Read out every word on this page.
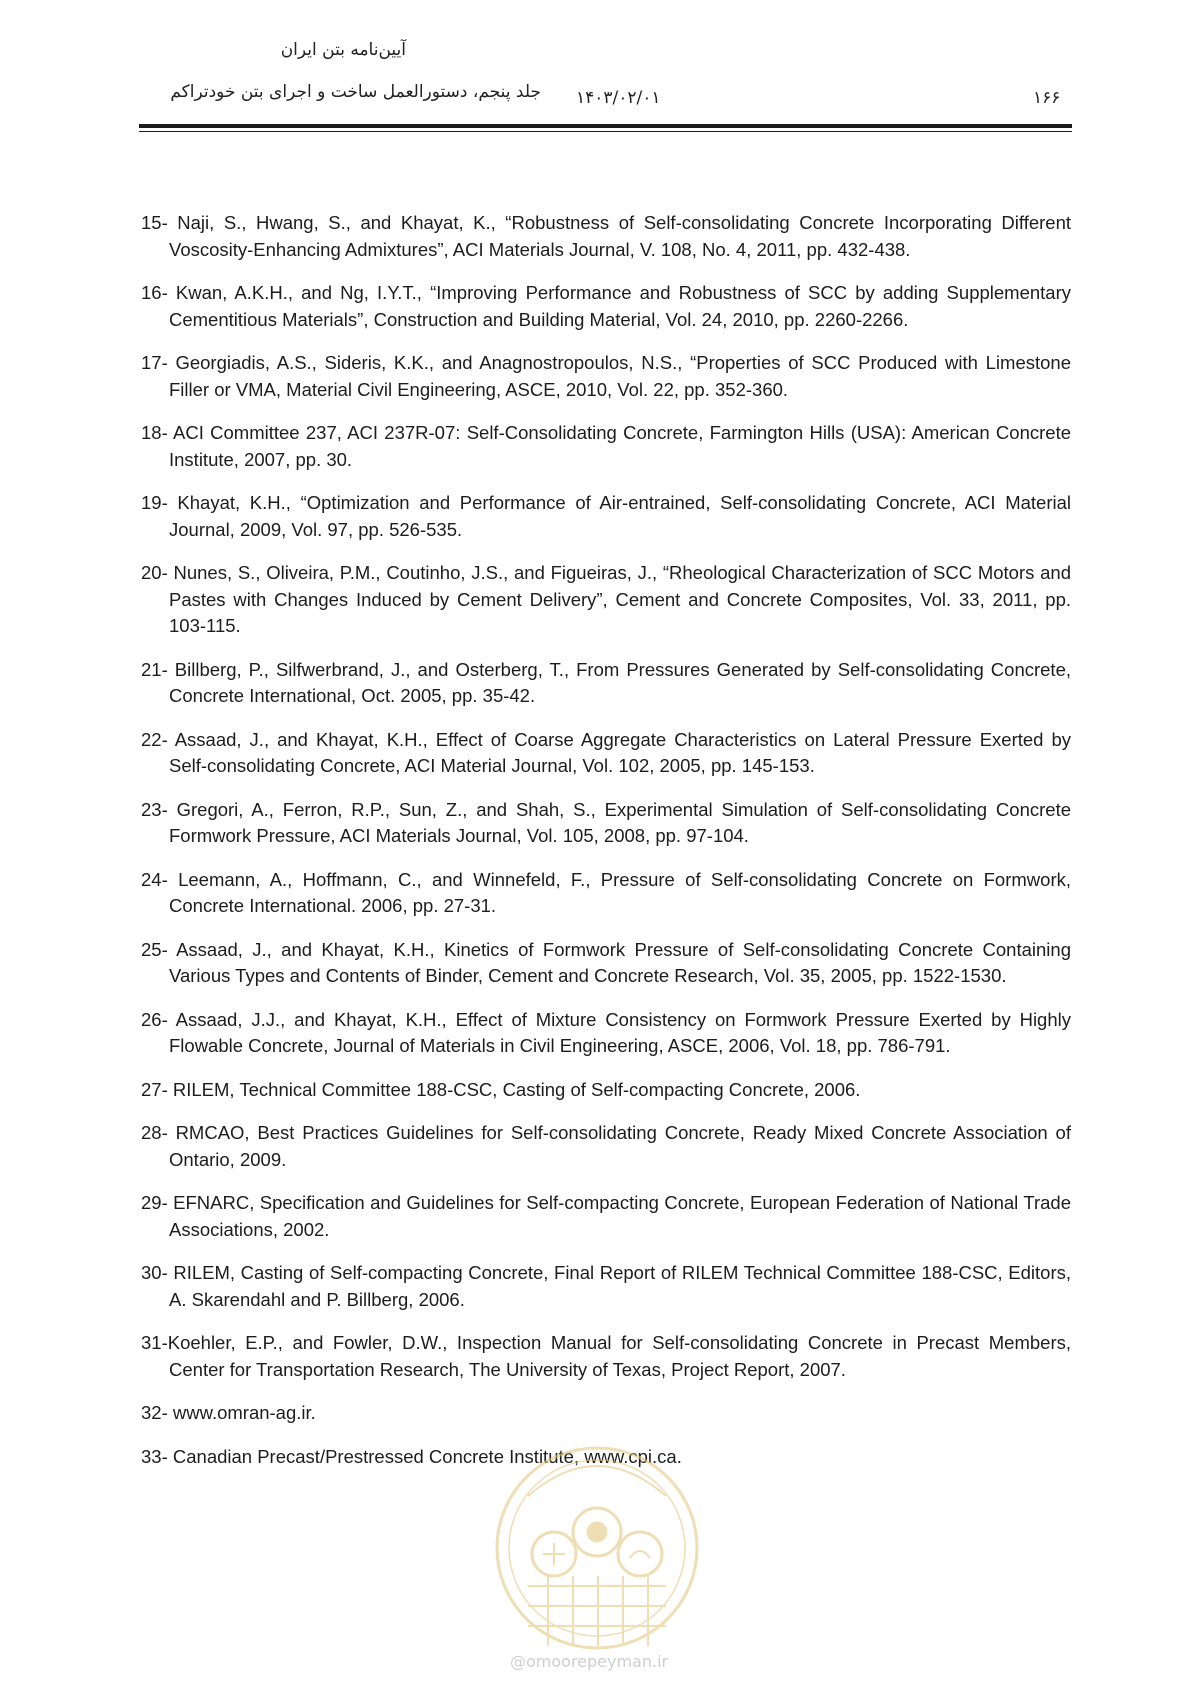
آیین‌نامه بتن ایران
جلد پنجم، دستورالعمل ساخت و اجرای بتن خودتراکم ۱۴۰۳/۰۲/۰۱	۱۶۶
15- Naji, S., Hwang, S., and Khayat, K., “Robustness of Self-consolidating Concrete Incorporating Different Voscosity-Enhancing Admixtures”, ACI Materials Journal, V. 108, No. 4, 2011, pp. 432-438.
16- Kwan, A.K.H., and Ng, I.Y.T., “Improving Performance and Robustness of SCC by adding Supplementary Cementitious Materials”, Construction and Building Material, Vol. 24, 2010, pp. 2260-2266.
17- Georgiadis, A.S., Sideris, K.K., and Anagnostropoulos, N.S., “Properties of SCC Produced with Limestone Filler or VMA, Material Civil Engineering, ASCE, 2010, Vol. 22, pp. 352-360.
18- ACI Committee 237, ACI 237R-07: Self-Consolidating Concrete, Farmington Hills (USA): American Concrete Institute, 2007, pp. 30.
19- Khayat, K.H., “Optimization and Performance of Air-entrained, Self-consolidating Concrete, ACI Material Journal, 2009, Vol. 97, pp. 526-535.
20- Nunes, S., Oliveira, P.M., Coutinho, J.S., and Figueiras, J., “Rheological Characterization of SCC Motors and Pastes with Changes Induced by Cement Delivery”, Cement and Concrete Composites, Vol. 33, 2011, pp. 103-115.
21- Billberg, P., Silfwerbrand, J., and Osterberg, T., From Pressures Generated by Self-consolidating Concrete, Concrete International, Oct. 2005, pp. 35-42.
22- Assaad, J., and Khayat, K.H., Effect of Coarse Aggregate Characteristics on Lateral Pressure Exerted by Self-consolidating Concrete, ACI Material Journal, Vol. 102, 2005, pp. 145-153.
23- Gregori, A., Ferron, R.P., Sun, Z., and Shah, S., Experimental Simulation of Self-consolidating Concrete Formwork Pressure, ACI Materials Journal, Vol. 105, 2008, pp. 97-104.
24- Leemann, A., Hoffmann, C., and Winnefeld, F., Pressure of Self-consolidating Concrete on Formwork, Concrete International. 2006, pp. 27-31.
25- Assaad, J., and Khayat, K.H., Kinetics of Formwork Pressure of Self-consolidating Concrete Containing Various Types and Contents of Binder, Cement and Concrete Research, Vol. 35, 2005, pp. 1522-1530.
26- Assaad, J.J., and Khayat, K.H., Effect of Mixture Consistency on Formwork Pressure Exerted by Highly Flowable Concrete, Journal of Materials in Civil Engineering, ASCE, 2006, Vol. 18, pp. 786-791.
27- RILEM, Technical Committee 188-CSC, Casting of Self-compacting Concrete, 2006.
28- RMCAO, Best Practices Guidelines for Self-consolidating Concrete, Ready Mixed Concrete Association of Ontario, 2009.
29- EFNARC, Specification and Guidelines for Self-compacting Concrete, European Federation of National Trade Associations, 2002.
30- RILEM, Casting of Self-compacting Concrete, Final Report of RILEM Technical Committee 188-CSC, Editors, A. Skarendahl and P. Billberg, 2006.
31-Koehler, E.P., and Fowler, D.W., Inspection Manual for Self-consolidating Concrete in Precast Members, Center for Transportation Research, The University of Texas, Project Report, 2007.
32- www.omran-ag.ir.
33- Canadian Precast/Prestressed Concrete Institute, www.cpi.ca.
@omoorepeyman.ir
